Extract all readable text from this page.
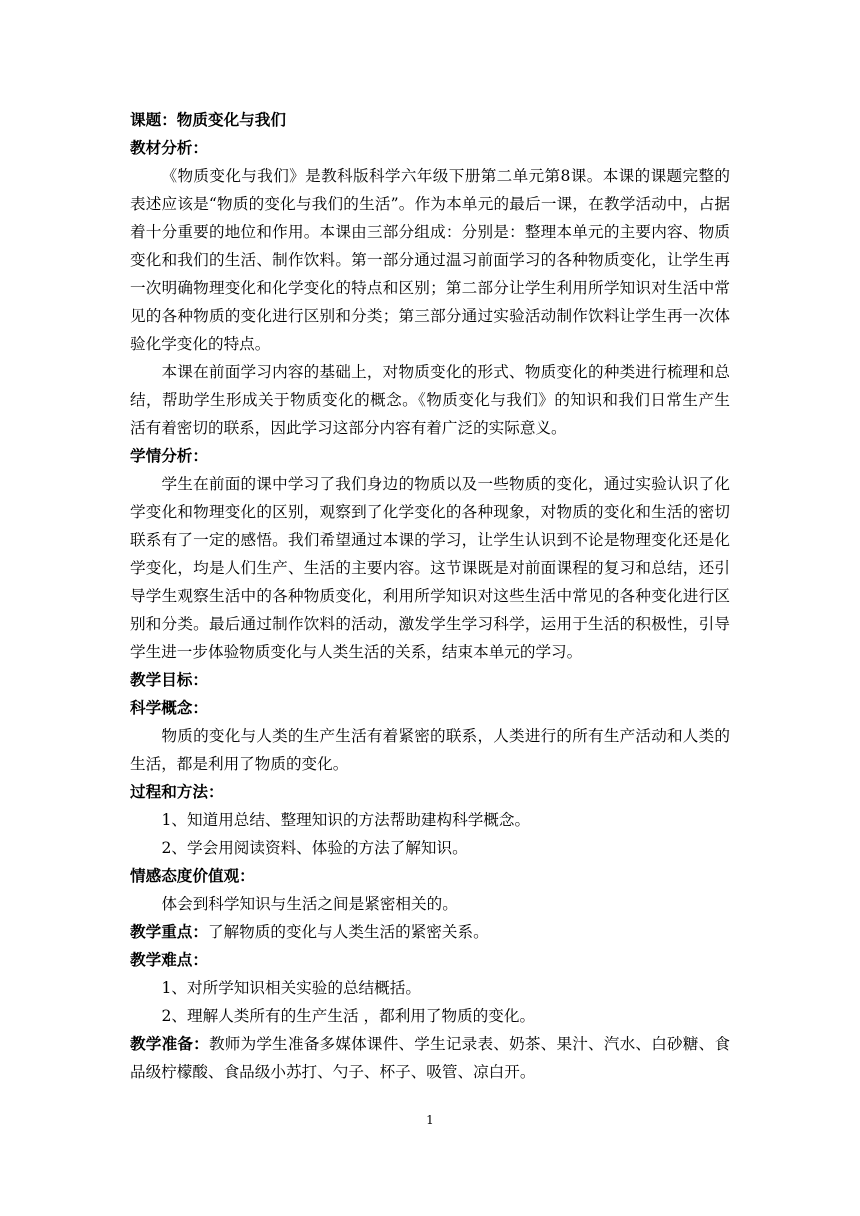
课题：物质变化与我们
教材分析：

《物质变化与我们》是教科版科学六年级下册第二单元第8课。本课的课题完整的表述应该是“物质的变化与我们的生活”。作为本单元的最后一课，在教学活动中，占据着十分重要的地位和作用。本课由三部分组成：分别是：整理本单元的主要内容、物质变化和我们的生活、制作饮料。第一部分通过温习前面学习的各种物质变化，让学生再一次明确物理变化和化学变化的特点和区别；第二部分让学生利用所学知识对生活中常见的各种物质的变化进行区别和分类；第三部分通过实验活动制作饮料让学生再一次体验化学变化的特点。

本课在前面学习内容的基础上，对物质变化的形式、物质变化的种类进行梳理和总结，帮助学生形成关于物质变化的概念。《物质变化与我们》的知识和我们日常生产生活有着密切的联系，因此学习这部分内容有着广泛的实际意义。

学情分析：

学生在前面的课中学习了我们身边的物质以及一些物质的变化，通过实验认识了化学变化和物理变化的区别，观察到了化学变化的各种现象，对物质的变化和生活的密切联系有了一定的感悟。我们希望通过本课的学习，让学生认识到不论是物理变化还是化学变化，均是人们生产、生活的主要内容。这节课既是对前面课程的复习和总结，还引导学生观察生活中的各种物质变化，利用所学知识对这些生活中常见的各种变化进行区别和分类。最后通过制作饮料的活动，激发学生学习科学，运用于生活的积极性，引导学生进一步体验物质变化与人类生活的关系，结束本单元的学习。

教学目标：
科学概念：

物质的变化与人类的生产生活有着紧密的联系，人类进行的所有生产活动和人类的生活，都是利用了物质的变化。

过程和方法：
1、知道用总结、整理知识的方法帮助建构科学概念。
2、学会用阅读资料、体验的方法了解知识。
情感态度价值观：
体会到科学知识与生活之间是紧密相关的。
教学重点：了解物质的变化与人类生活的紧密关系。
教学难点：
1、对所学知识相关实验的总结概括。
2、理解人类所有的生产生活 ，都利用了物质的变化。

教学准备：教师为学生准备多媒体课件、学生记录表、奶茶、果汁、汽水、白砂糖、食品级柠檬酸、食品级小苏打、勺子、杯子、吸管、凉白开。

1
